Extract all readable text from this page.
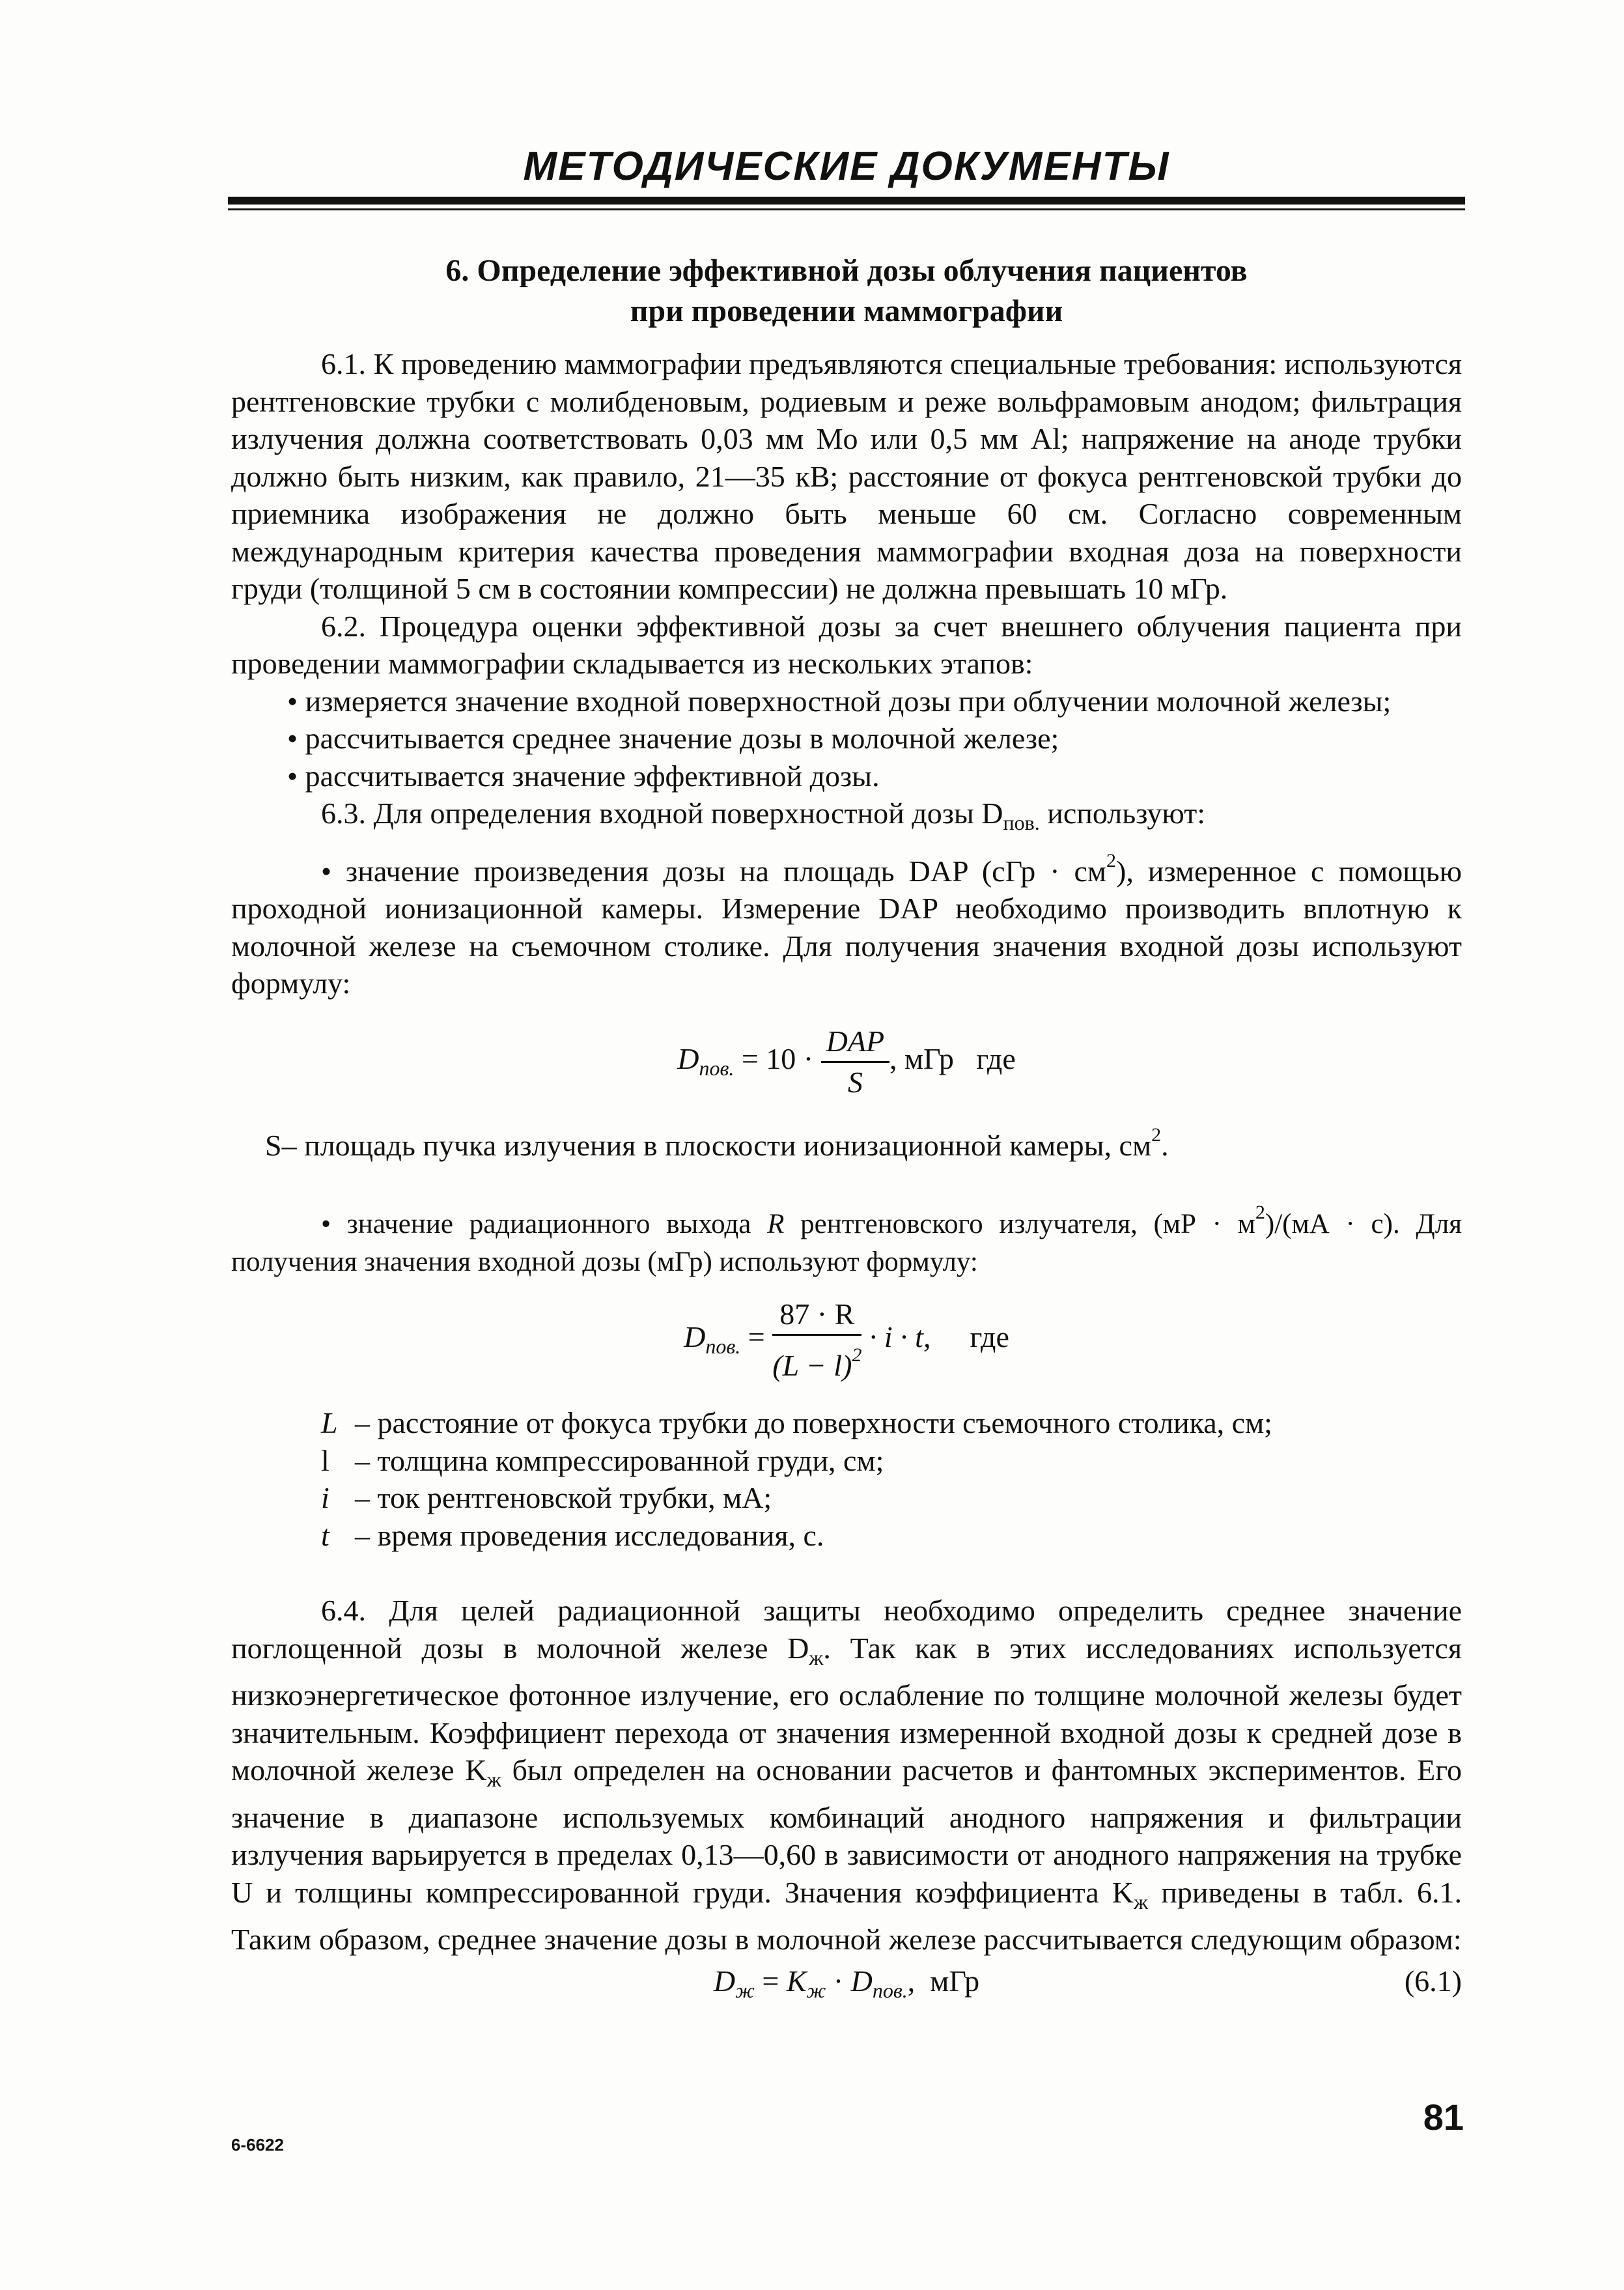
МЕТОДИЧЕСКИЕ ДОКУМЕНТЫ
6. Определение эффективной дозы облучения пациентов
при проведении маммографии

6.1. К проведению маммографии предъявляются специальные требования: используются рентгеновские трубки с молибденовым, родиевым и реже вольфрамовым анодом; фильтрация излучения должна соответствовать 0,03 мм Mo или 0,5 мм Al; напряжение на аноде трубки должно быть низким, как правило, 21—35 кВ; расстояние от фокуса рентгеновской трубки до приемника изображения не должно быть меньше 60 см. Согласно современным международным критерия качества проведения маммографии входная доза на поверхности груди (толщиной 5 см в состоянии компрессии) не должна превышать 10 мГр.

6.2. Процедура оценки эффективной дозы за счет внешнего облучения пациента при проведении маммографии складывается из нескольких этапов:

• измеряется значение входной поверхностной дозы при облучении молочной железы;

• рассчитывается среднее значение дозы в молочной железе;

• рассчитывается значение эффективной дозы.

6.3. Для определения входной поверхностной дозы $D_{пов.}$ используют:

• значение произведения дозы на площадь DAP $(сГр \cdot см^2)$, измеренное с помощью проходной ионизационной камеры. Измерение DAP необходимо производить вплотную к молочной железе на съемочном столике. Для получения значения входной дозы используют формулу:

$D_{пов.} = 10 \cdot \frac{\text{DAP}}{S}$ , мГр   где

S– площадь пучка излучения в плоскости ионизационной камеры, $см^2$.

• значение радиационного выхода R рентгеновского излучателя, $(мР \cdot м^2)/(мА \cdot с)$. Для получения значения входной дозы (мГр) используют формулу:

$D_{пов.} = \frac{87 \cdot R}{(L - l)^2} \cdot i \cdot t$, где
L – расстояние от фокуса трубки до поверхности съемочного столика, см;
l – толщина компрессированной груди, см;
i – ток рентгеновской трубки, мА;
t – время проведения исследования, с.

6.4. Для целей радиационной защиты необходимо определить среднее значение поглощенной дозы в молочной железе $D_ж$. Так как в этих исследованиях используется низкоэнергетическое фотонное излучение, его ослабление по толщине молочной железы будет значительным. Коэффициент перехода от значения измеренной входной дозы к средней дозе в молочной железе $K_ж$ был определен на основании расчетов и фантомных экспериментов. Его значение в диапазоне используемых комбинаций анодного напряжения и фильтрации излучения варьируется в пределах 0,13—0,60 в зависимости от анодного напряжения на трубке U и толщины компрессированной груди. Значения коэффициента $K_ж$ приведены в табл. 6.1. Таким образом, среднее значение дозы в молочной железе рассчитывается следующим образом:

$D_ж = K_ж \cdot D_{пов.}$,  мГр	(6.1)
81
6-6622
